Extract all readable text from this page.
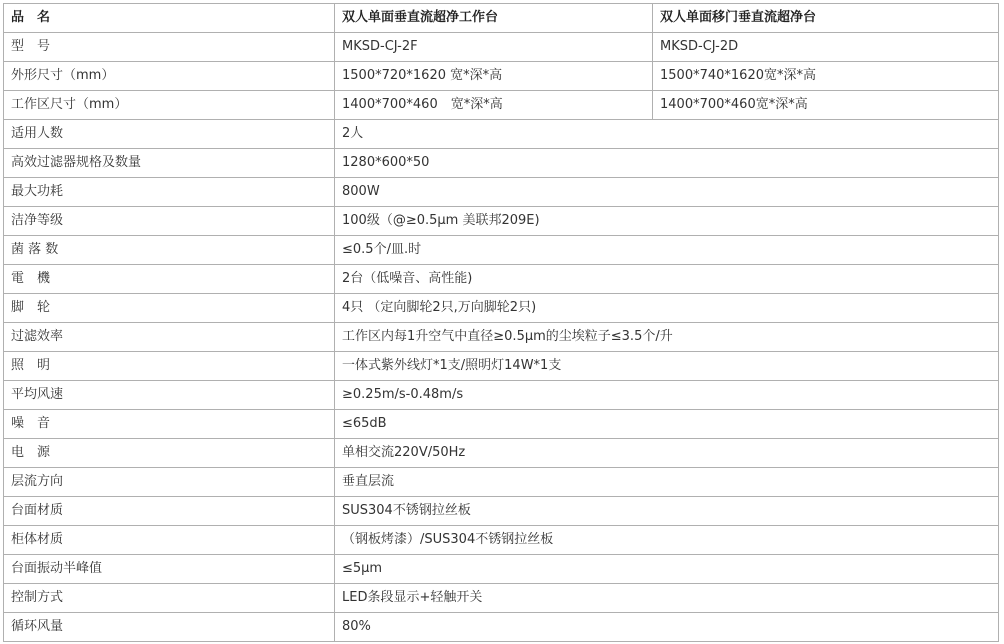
品　名	双人单面垂直流超净工作台	双人单面移门垂直流超净台
型　号	MKSD-CJ-2F	MKSD-CJ-2D
外形尺寸（mm）	1500*720*1620 宽*深*高	1500*740*1620宽*深*高
工作区尺寸（mm）	1400*700*460　宽*深*高	1400*700*460宽*深*高
适用人数	2人	
高效过滤器规格及数量	1280*600*50	
最大功耗	800W	
洁净等级	100级（@≥0.5μm 美联邦209E)	
菌 落 数	≤0.5个/皿.时	
電　機	2台（低噪音、高性能)	
脚　轮	4只 （定向脚轮2只,万向脚轮2只)	
过滤效率	工作区内每1升空气中直径≥0.5μm的尘埃粒子≤3.5个/升	
照　明	一体式紫外线灯*1支/照明灯14W*1支	
平均风速	≥0.25m/s-0.48m/s	
噪　音	≤65dB	
电　源	单相交流220V/50Hz	
层流方向	垂直层流	
台面材质	SUS304不锈钢拉丝板	
柜体材质	（钢板烤漆）/SUS304不锈钢拉丝板	
台面振动半峰值	≤5μm	
控制方式	LED条段显示+轻触开关	
循环风量	80%	
